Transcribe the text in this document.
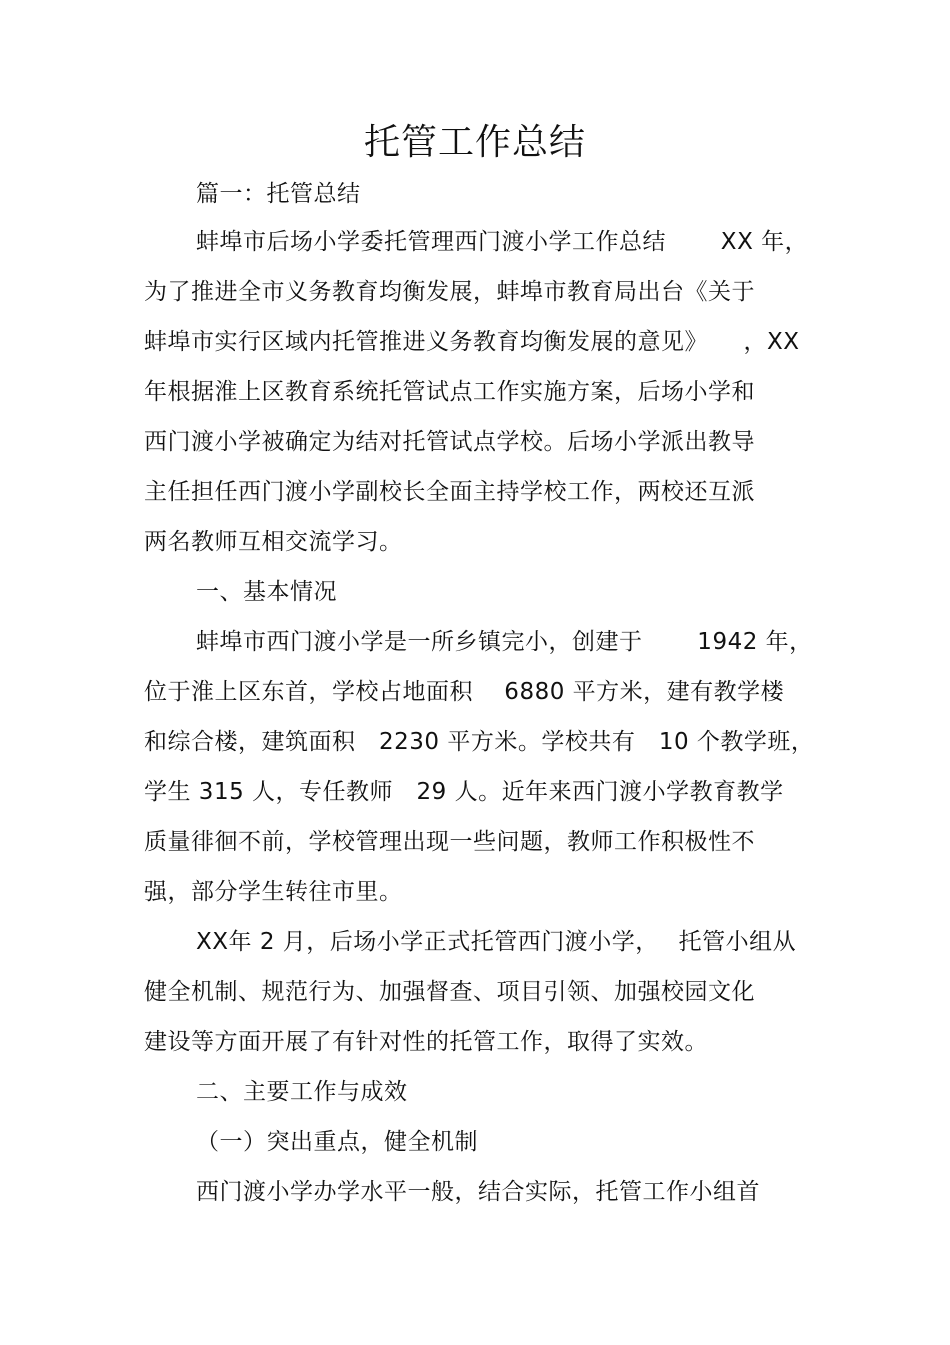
托管工作总结
篇一：托管总结
蚌埠市后场小学委托管理西门渡小学工作总结　　 XX 年，
为了推进全市义务教育均衡发展，蚌埠市教育局出台《关于
蚌埠市实行区域内托管推进义务教育均衡发展的意见》　　，XX
年根据淮上区教育系统托管试点工作实施方案，后场小学和
西门渡小学被确定为结对托管试点学校。后场小学派出教导
主任担任西门渡小学副校长全面主持学校工作，两校还互派
两名教师互相交流学习。
一、基本情况
蚌埠市西门渡小学是一所乡镇完小，创建于　　 1942 年，
位于淮上区东首，学校占地面积　 6880 平方米，建有教学楼
和综合楼，建筑面积　2230 平方米。学校共有　10 个教学班，
学生 315 人，专任教师　29 人。近年来西门渡小学教育教学
质量徘徊不前，学校管理出现一些问题，教师工作积极性不
强，部分学生转往市里。
XX年 2 月，后场小学正式托管西门渡小学，　 托管小组从
健全机制、规范行为、加强督查、项目引领、加强校园文化
建设等方面开展了有针对性的托管工作，取得了实效。
二、主要工作与成效
（一）突出重点，健全机制
西门渡小学办学水平一般，结合实际，托管工作小组首
